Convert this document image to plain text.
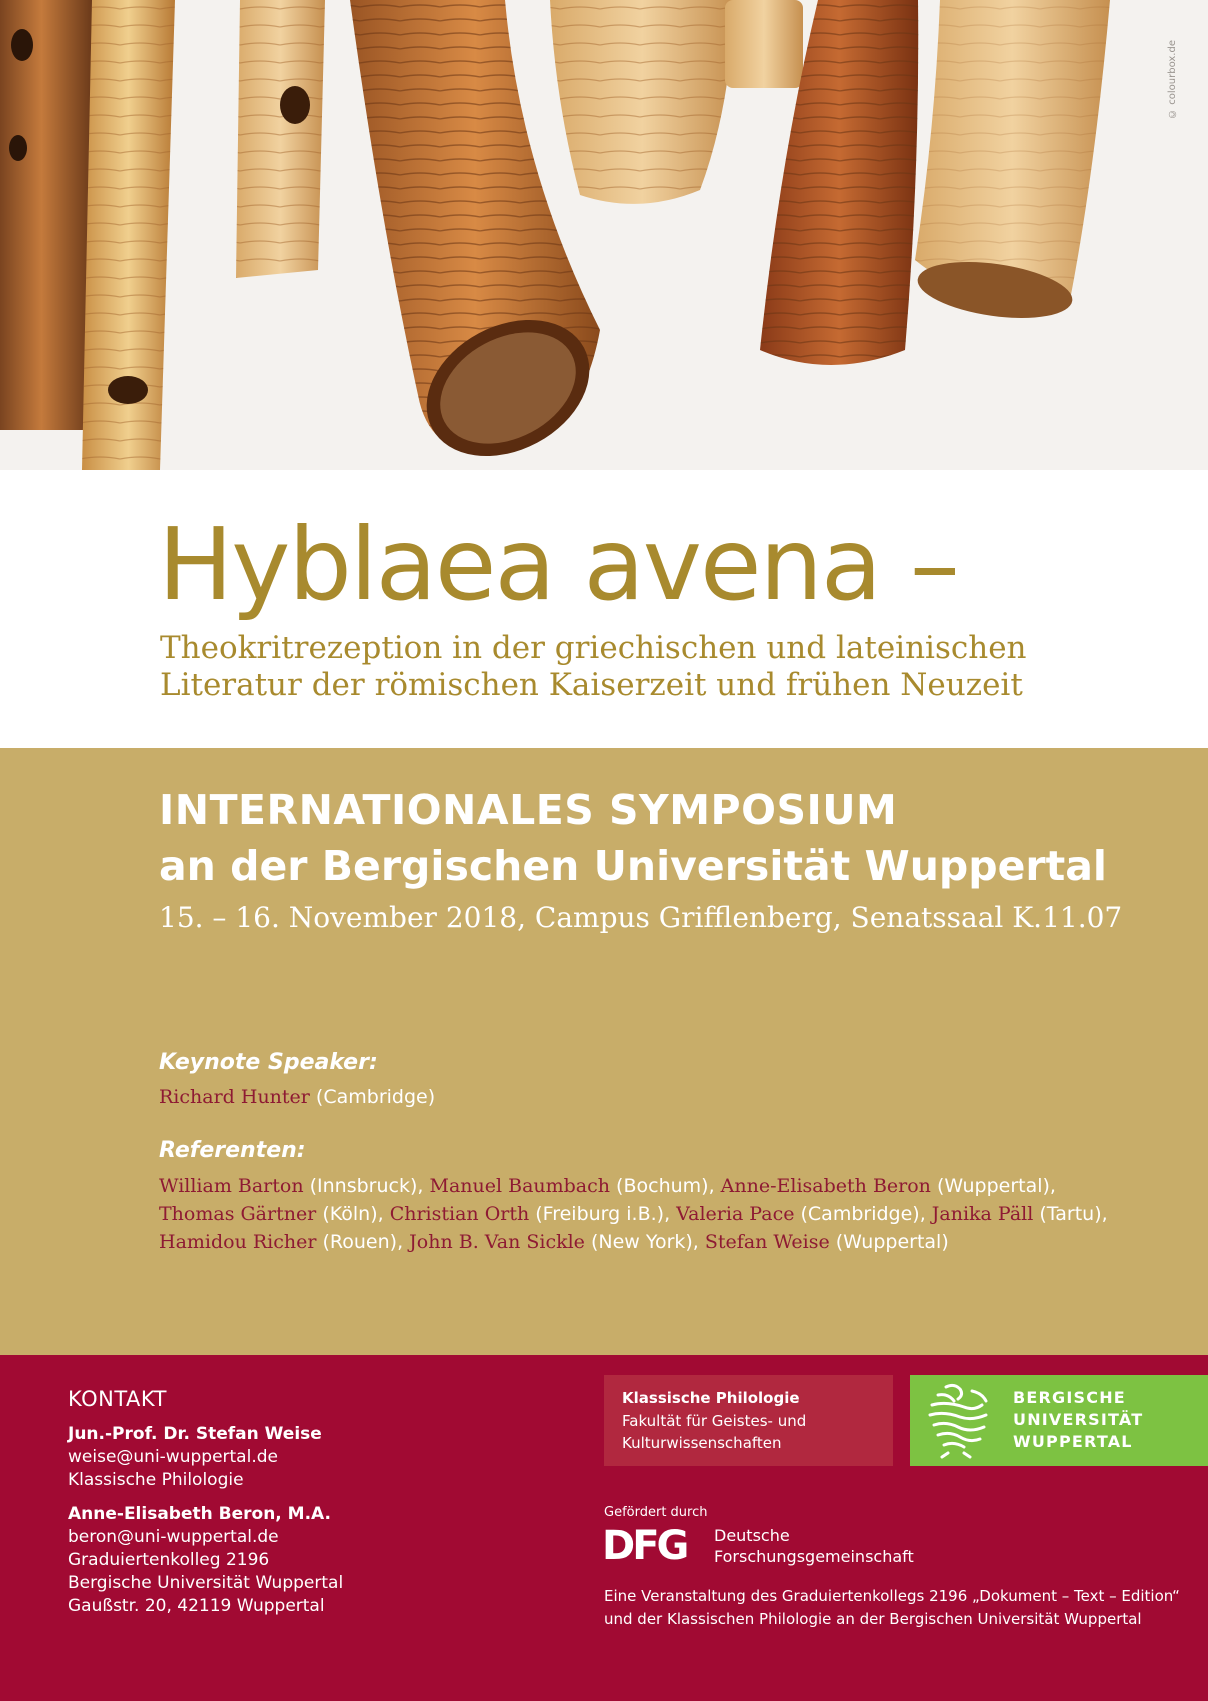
© colourbox.de
Hyblaea avena –
Theokritrezeption in der griechischen und lateinischen
Literatur der römischen Kaiserzeit und frühen Neuzeit
INTERNATIONALES SYMPOSIUM
an der Bergischen Universität Wuppertal
15. – 16. November 2018, Campus Grifflenberg, Senatssaal K.11.07
Keynote Speaker:
Richard Hunter (Cambridge)
Referenten:
William Barton (Innsbruck), Manuel Baumbach (Bochum), Anne-Elisabeth Beron (Wuppertal),
Thomas Gärtner (Köln), Christian Orth (Freiburg i.B.), Valeria Pace (Cambridge), Janika Päll (Tartu),
Hamidou Richer (Rouen), John B. Van Sickle (New York), Stefan Weise (Wuppertal)
KONTAKT
Jun.-Prof. Dr. Stefan Weise
weise@uni-wuppertal.de
Klassische Philologie
Anne-Elisabeth Beron, M.A.
beron@uni-wuppertal.de
Graduiertenkolleg 2196
Bergische Universität Wuppertal
Gaußstr. 20, 42119 Wuppertal
Klassische Philologie
Fakultät für Geistes- und
Kulturwissenschaften
BERGISCHE
UNIVERSITÄT
WUPPERTAL
Gefördert durch
DFG Deutsche
Forschungsgemeinschaft
Eine Veranstaltung des Graduiertenkollegs 2196 „Dokument – Text – Edition“
und der Klassischen Philologie an der Bergischen Universität Wuppertal
